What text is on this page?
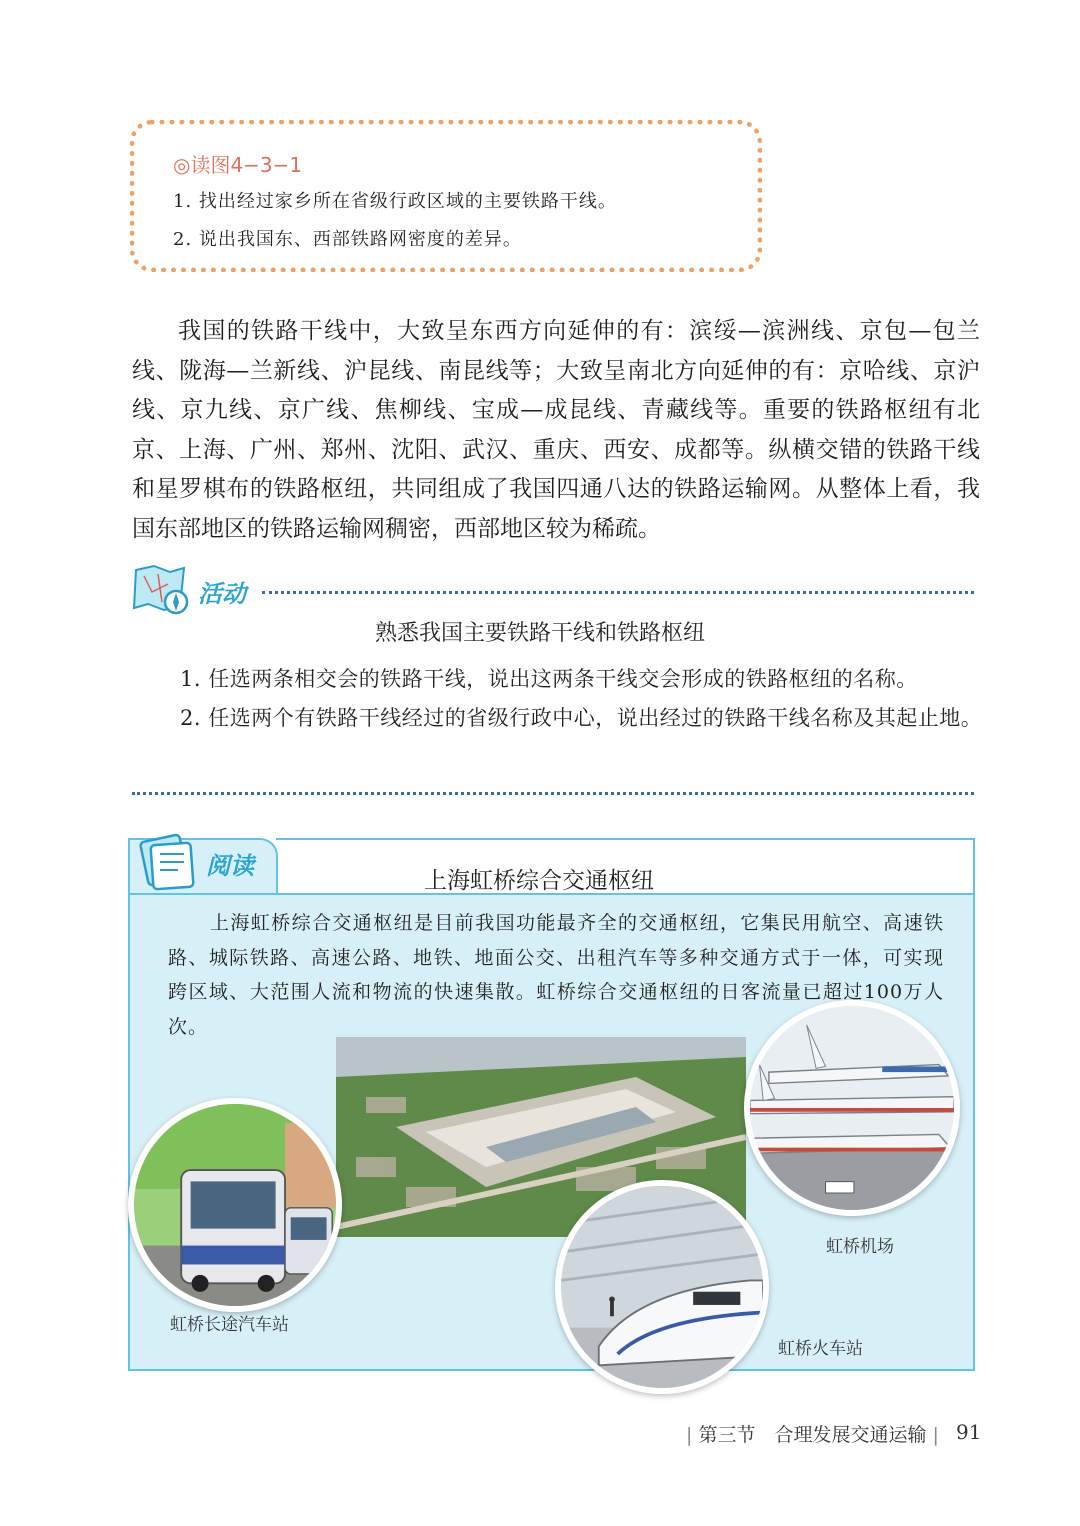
◎读图4−3−1
1. 找出经过家乡所在省级行政区域的主要铁路干线。
2. 说出我国东、西部铁路网密度的差异。

我国的铁路干线中，大致呈东西方向延伸的有：滨绥—滨洲线、京包—包兰线、陇海—兰新线、沪昆线、南昆线等；大致呈南北方向延伸的有：京哈线、京沪线、京九线、京广线、焦柳线、宝成—成昆线、青藏线等。重要的铁路枢纽有北京、上海、广州、郑州、沈阳、武汉、重庆、西安、成都等。纵横交错的铁路干线和星罗棋布的铁路枢纽，共同组成了我国四通八达的铁路运输网。从整体上看，我国东部地区的铁路运输网稠密，西部地区较为稀疏。

活动
熟悉我国主要铁路干线和铁路枢纽
1. 任选两条相交会的铁路干线，说出这两条干线交会形成的铁路枢纽的名称。
2. 任选两个有铁路干线经过的省级行政中心，说出经过的铁路干线名称及其起止地。
阅读
上海虹桥综合交通枢纽

上海虹桥综合交通枢纽是目前我国功能最齐全的交通枢纽，它集民用航空、高速铁路、城际铁路、高速公路、地铁、地面公交、出租汽车等多种交通方式于一体，可实现跨区域、大范围人流和物流的快速集散。虹桥综合交通枢纽的日客流量已超过100万人次。

虹桥长途汽车站
虹桥机场
虹桥火车站
| 第三节　合理发展交通运输 | 91
